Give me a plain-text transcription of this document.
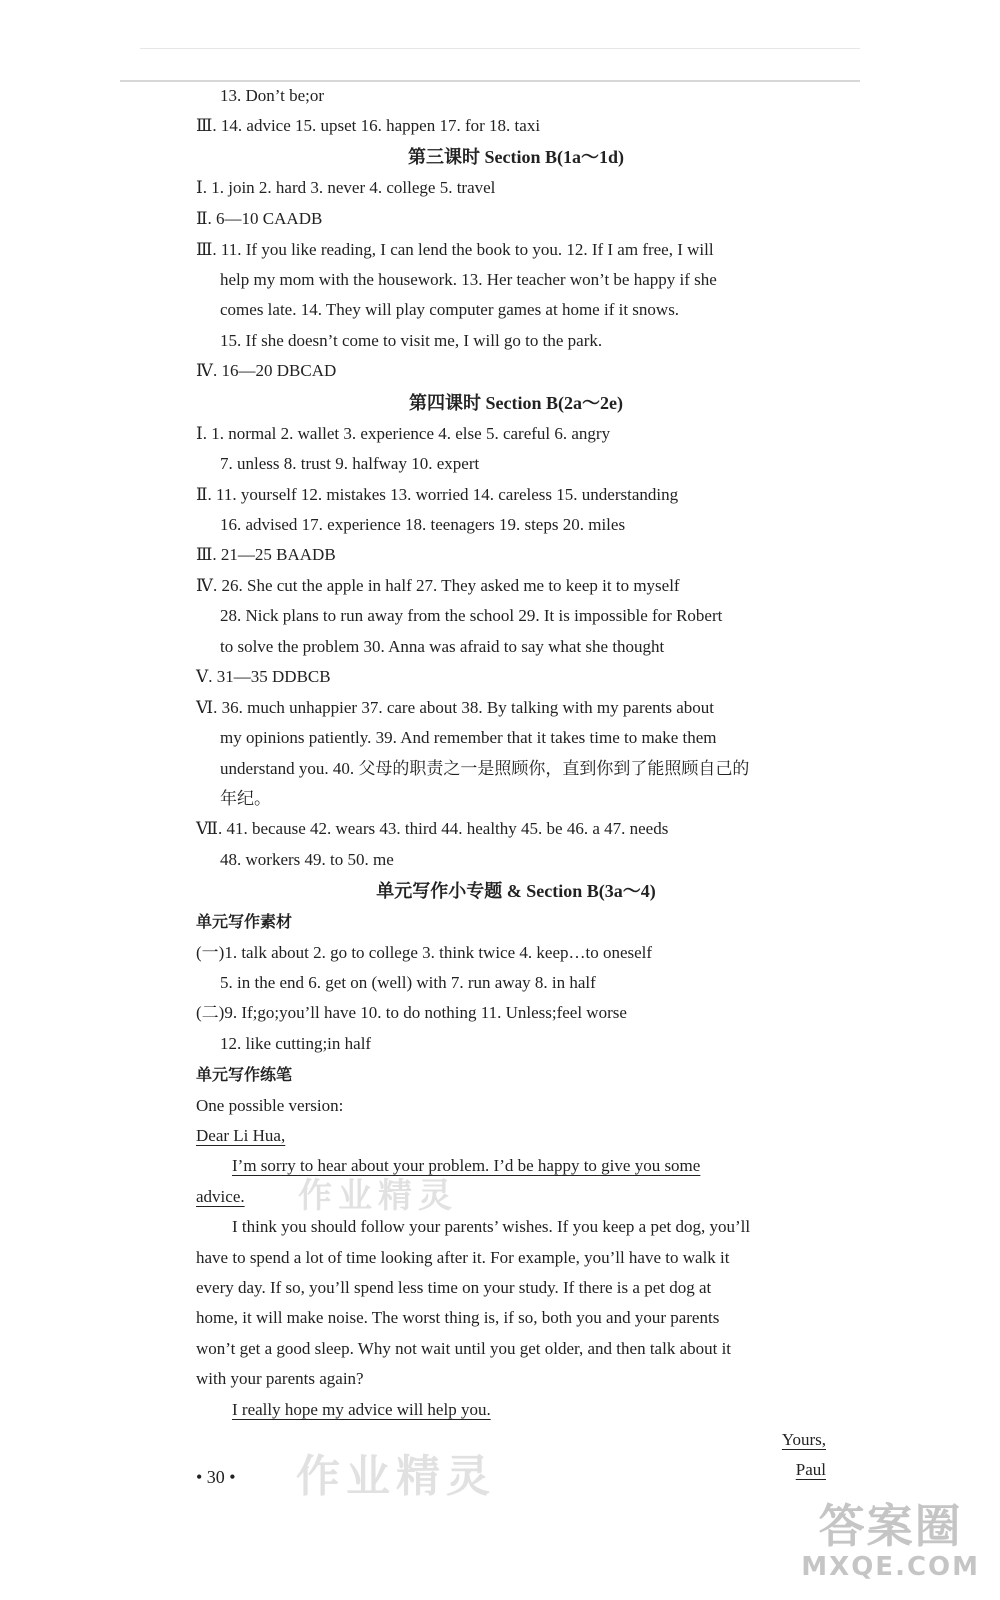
13. Don’t be;or
Ⅲ. 14. advice 15. upset 16. happen 17. for 18. taxi
第三课时 Section B(1a～1d)
Ⅰ. 1. join 2. hard 3. never 4. college 5. travel
Ⅱ. 6—10 CAADB
Ⅲ. 11. If you like reading, I can lend the book to you. 12. If I am free, I will
help my mom with the housework. 13. Her teacher won’t be happy if she
comes late. 14. They will play computer games at home if it snows.
15. If she doesn’t come to visit me, I will go to the park.
Ⅳ. 16—20 DBCAD
第四课时 Section B(2a～2e)
Ⅰ. 1. normal 2. wallet 3. experience 4. else 5. careful 6. angry
7. unless 8. trust 9. halfway 10. expert
Ⅱ. 11. yourself 12. mistakes 13. worried 14. careless 15. understanding
16. advised 17. experience 18. teenagers 19. steps 20. miles
Ⅲ. 21—25 BAADB
Ⅳ. 26. She cut the apple in half 27. They asked me to keep it to myself
28. Nick plans to run away from the school 29. It is impossible for Robert
to solve the problem 30. Anna was afraid to say what she thought
Ⅴ. 31—35 DDBCB
Ⅵ. 36. much unhappier 37. care about 38. By talking with my parents about
my opinions patiently. 39. And remember that it takes time to make them
understand you. 40. 父母的职责之一是照顾你，直到你到了能照顾自己的
年纪。
Ⅶ. 41. because 42. wears 43. third 44. healthy 45. be 46. a 47. needs
48. workers 49. to 50. me
单元写作小专题 & Section B(3a～4)
单元写作素材
(一)1. talk about 2. go to college 3. think twice 4. keep…to oneself
5. in the end 6. get on (well) with 7. run away 8. in half
(二)9. If;go;you’ll have 10. to do nothing 11. Unless;feel worse
12. like cutting;in half
单元写作练笔
One possible version:
Dear Li Hua,
I’m sorry to hear about your problem. I’d be happy to give you some
advice.
I think you should follow your parents’ wishes. If you keep a pet dog, you’ll
have to spend a lot of time looking after it. For example, you’ll have to walk it
every day. If so, you’ll spend less time on your study. If there is a pet dog at
home, it will make noise. The worst thing is, if so, both you and your parents
won’t get a good sleep. Why not wait until you get older, and then talk about it
with your parents again?
I really hope my advice will help you.
Yours,
Paul
• 30 •
作业精灵
作业精灵
答案圈
MXQE.COM
